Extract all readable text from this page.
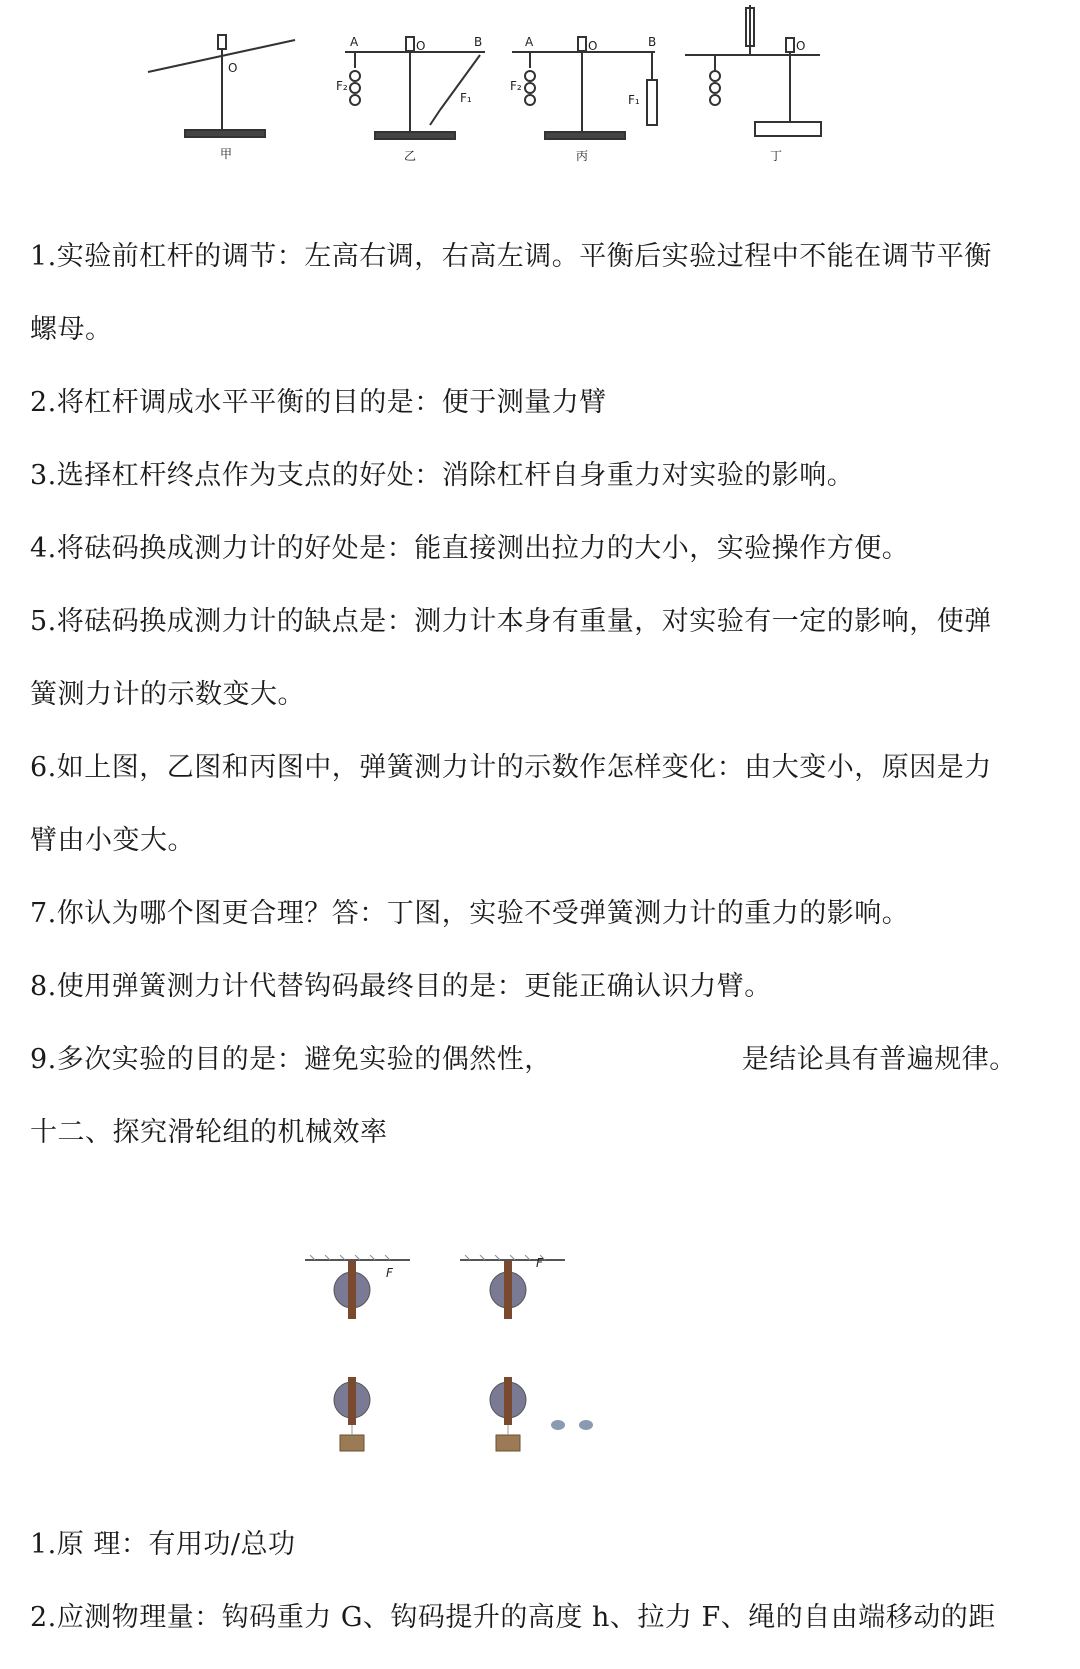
甲	乙	丙	丁
O
A	O	B
F₂
F₁
A	O	B
F₂
F₁
O
1.实验前杠杆的调节：左高右调，右高左调。平衡后实验过程中不能在调节平衡
螺母。
2.将杠杆调成水平平衡的目的是：便于测量力臂
3.选择杠杆终点作为支点的好处：消除杠杆自身重力对实验的影响。
4.将砝码换成测力计的好处是：能直接测出拉力的大小，实验操作方便。
5.将砝码换成测力计的缺点是：测力计本身有重量，对实验有一定的影响，使弹
簧测力计的示数变大。
6.如上图，乙图和丙图中，弹簧测力计的示数作怎样变化：由大变小，原因是力
臂由小变大。
7.你认为哪个图更合理？答：丁图，实验不受弹簧测力计的重力的影响。
8.使用弹簧测力计代替钩码最终目的是：更能正确认识力臂。
9.多次实验的目的是：避免实验的偶然性，	是结论具有普遍规律。
十二、探究滑轮组的机械效率
F
F
1.原 理：有用功/总功
2.应测物理量：钩码重力 G、钩码提升的高度 h、拉力 F、绳的自由端移动的距
